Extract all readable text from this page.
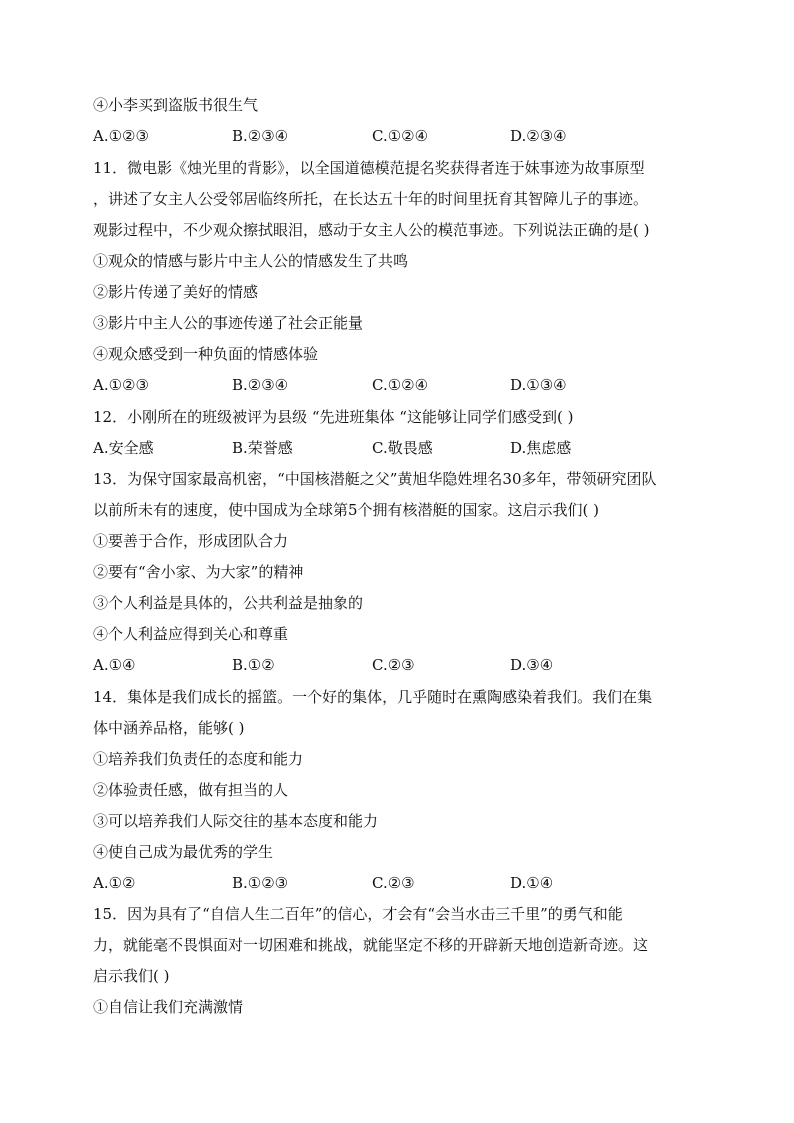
④小李买到盗版书很生气
A.①②③	B.②③④	C.①②④	D.②③④
11．微电影《烛光里的背影》，以全国道德模范提名奖获得者连于妹事迹为故事原型
，讲述了女主人公受邻居临终所托，在长达五十年的时间里抚育其智障儿子的事迹。
观影过程中，不少观众擦拭眼泪，感动于女主人公的模范事迹。下列说法正确的是( )
①观众的情感与影片中主人公的情感发生了共鸣
②影片传递了美好的情感
③影片中主人公的事迹传递了社会正能量
④观众感受到一种负面的情感体验
A.①②③	B.②③④	C.①②④	D.①③④
12．小刚所在的班级被评为县级 “先进班集体 “这能够让同学们感受到( )
A.安全感	B.荣誉感	C.敬畏感	D.焦虑感
13．为保守国家最高机密，“中国核潜艇之父”黄旭华隐姓埋名30多年，带领研究团队
以前所未有的速度，使中国成为全球第5个拥有核潜艇的国家。这启示我们( )
①要善于合作，形成团队合力
②要有“舍小家、为大家”的精神
③个人利益是具体的，公共利益是抽象的
④个人利益应得到关心和尊重
A.①④	B.①②	C.②③	D.③④
14．集体是我们成长的摇篮。一个好的集体，几乎随时在熏陶感染着我们。我们在集
体中涵养品格，能够( )
①培养我们负责任的态度和能力
②体验责任感，做有担当的人
③可以培养我们人际交往的基本态度和能力
④使自己成为最优秀的学生
A.①②	B.①②③	C.②③	D.①④
15．因为具有了“自信人生二百年”的信心，才会有“会当水击三千里”的勇气和能
力，就能毫不畏惧面对一切困难和挑战，就能坚定不移的开辟新天地创造新奇迹。这
启示我们( )
①自信让我们充满激情
